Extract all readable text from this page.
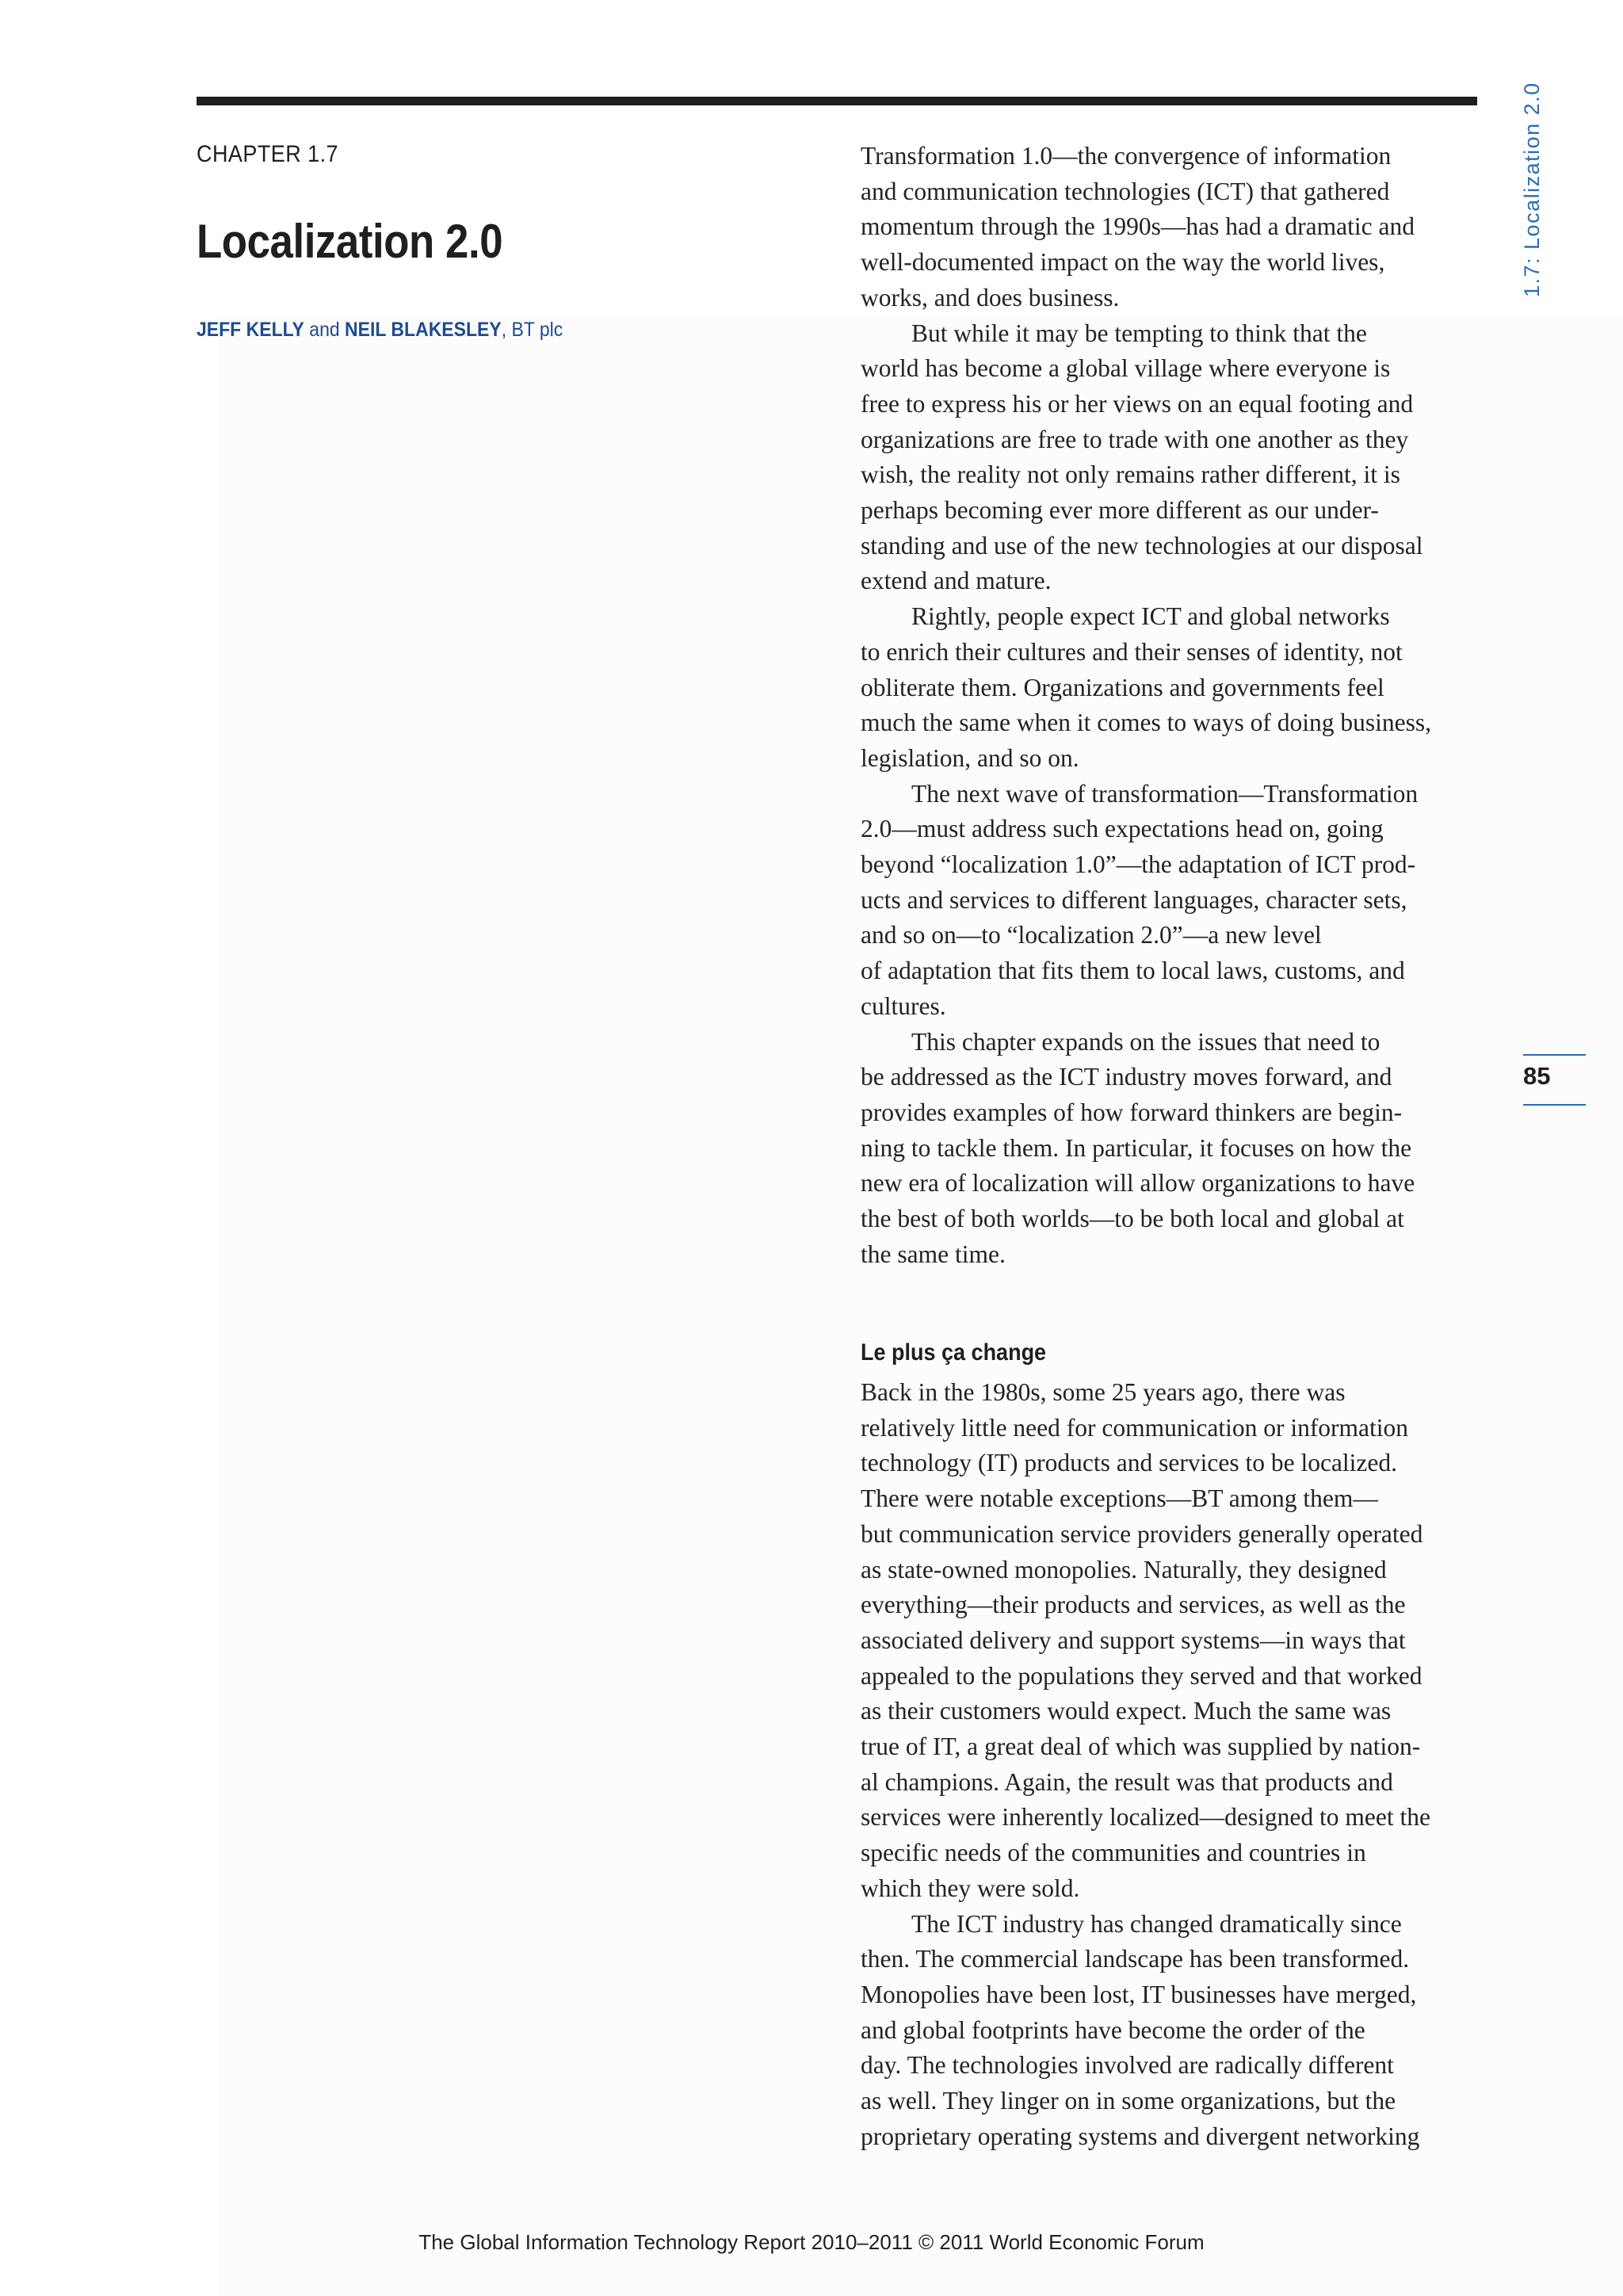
CHAPTER 1.7
Localization 2.0
JEFF KELLY and NEIL BLAKESLEY, BT plc
1.7: Localization 2.0
85
Transformation 1.0—the convergence of information
and communication technologies (ICT) that gathered
momentum through the 1990s—has had a dramatic and
well-documented impact on the way the world lives,
works, and does business.
But while it may be tempting to think that the
world has become a global village where everyone is
free to express his or her views on an equal footing and
organizations are free to trade with one another as they
wish, the reality not only remains rather different, it is
perhaps becoming ever more different as our under-
standing and use of the new technologies at our disposal
extend and mature.
Rightly, people expect ICT and global networks
to enrich their cultures and their senses of identity, not
obliterate them. Organizations and governments feel
much the same when it comes to ways of doing business,
legislation, and so on.
The next wave of transformation—Transformation
2.0—must address such expectations head on, going
beyond “localization 1.0”—the adaptation of ICT prod-
ucts and services to different languages, character sets,
and so on—to “localization 2.0”—a new level
of adaptation that fits them to local laws, customs, and
cultures.
This chapter expands on the issues that need to
be addressed as the ICT industry moves forward, and
provides examples of how forward thinkers are begin-
ning to tackle them. In particular, it focuses on how the
new era of localization will allow organizations to have
the best of both worlds—to be both local and global at
the same time.
Le plus ça change
Back in the 1980s, some 25 years ago, there was
relatively little need for communication or information
technology (IT) products and services to be localized.
There were notable exceptions—BT among them—
but communication service providers generally operated
as state-owned monopolies. Naturally, they designed
everything—their products and services, as well as the
associated delivery and support systems—in ways that
appealed to the populations they served and that worked
as their customers would expect. Much the same was
true of IT, a great deal of which was supplied by nation-
al champions. Again, the result was that products and
services were inherently localized—designed to meet the
specific needs of the communities and countries in
which they were sold.
The ICT industry has changed dramatically since
then. The commercial landscape has been transformed.
Monopolies have been lost, IT businesses have merged,
and global footprints have become the order of the
day. The technologies involved are radically different
as well. They linger on in some organizations, but the
proprietary operating systems and divergent networking
The Global Information Technology Report 2010–2011 © 2011 World Economic Forum
